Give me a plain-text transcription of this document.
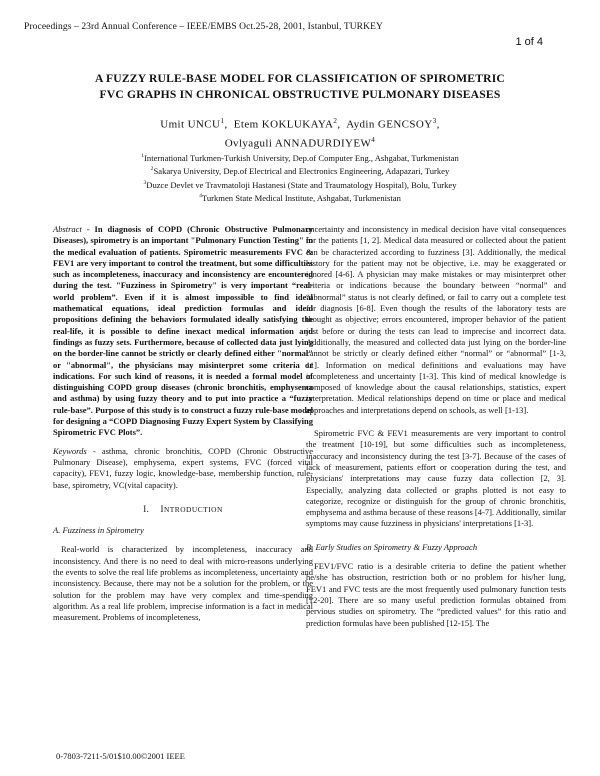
Proceedings – 23rd Annual Conference – IEEE/EMBS Oct.25-28, 2001, Istanbul, TURKEY
1 of 4
A FUZZY RULE-BASE MODEL FOR CLASSIFICATION OF SPIROMETRIC
FVC GRAPHS IN CHRONICAL OBSTRUCTIVE PULMONARY DISEASES
Umit UNCU$^1$,  Etem KOKLUKAYA$^2$,  Aydin GENCSOY$^3$,
Ovlyaguli ANNADURDIYEW$^4$
$^1$International Turkmen-Turkish University, Dep.of Computer Eng., Ashgabat, Turkmenistan
$^2$Sakarya University, Dep.of Electrical and Electronics Engineering, Adapazari, Turkey
$^3$Duzce Devlet ve Travmatoloji Hastanesi (State and Traumatology Hospital), Bolu, Turkey
$^4$Turkmen State Medical Institute, Ashgabat, Turkmenistan

Abstract - In diagnosis of COPD (Chronic Obstructive Pulmonary Diseases), spirometry is an important "Pulmonary Function Testing" in the medical evaluation of patients. Spirometric measurements FVC & FEV1 are very important to control the treatment, but some difficulties such as incompleteness, inaccuracy and inconsistency are encountered during the test. "Fuzziness in Spirometry" is very important “real-world problem”. Even if it is almost impossible to find ideal mathematical equations, ideal prediction formulas and ideal propositions defining the behaviors formulated ideally satisfying the real-life, it is possible to define inexact medical information and findings as fuzzy sets. Furthermore, because of collected data just lying on the border-line cannot be strictly or clearly defined either "normal" or "abnormal", the physicians may misinterpret some criteria or indications. For such kind of reasons, it is needed a formal model of distinguishing COPD group diseases (chronic bronchitis, emphysema and asthma) by using fuzzy theory and to put into practice a “fuzzy rule-base”. Purpose of this study is to construct a fuzzy rule-base model for designing a “COPD Diagnosing Fuzzy Expert System by Classifying Spirometric FVC Plots”.

Keywords - asthma, chronic bronchitis, COPD (Chronic Obstructive Pulmonary Disease), emphysema, expert systems, FVC (forced vital capacity), FEV1, fuzzy logic, knowledge-base, membership function, rule-base, spirometry, VC(vital capacity).

I. INTRODUCTION

A. Fuzziness in Spirometry

Real-world is characterized by incompleteness, inaccuracy and inconsistency. And there is no need to deal with micro-reasons underlying the events to solve the real life problems as incompleteness, uncertainty and inconsistency. Because, there may not be a solution for the problem, or the solution for the problem may have very complex and time-spending algorithm. As a real life problem, imprecise information is a fact in medical measurement. Problems of incompleteness,

uncertainty and inconsistency in medical decision have vital consequences for the patients [1, 2]. Medical data measured or collected about the patient can be characterized according to fuzziness [3]. Additionally, the medical history for the patient may not be objective, i.e. may be exaggerated or ignored [4-6]. A physician may make mistakes or may misinterpret other criteria or indications because the boundary between “normal” and “abnormal” status is not clearly defined, or fail to carry out a complete test for diagnosis [6-8]. Even though the results of the laboratory tests are thought as objective; errors encountered, improper behavior of the patient just before or during the tests can lead to imprecise and incorrect data. Additionally, the measured and collected data just lying on the border-line cannot be strictly or clearly defined either “normal” or “abnormal” [1-3, 11]. Information on medical definitions and evaluations may have incompleteness and uncertainty [1-3]. This kind of medical knowledge is composed of knowledge about the causal relationships, statistics, expert interpretation. Medical relationships depend on time or place and medical approaches and interpretations depend on schools, as well [1-13].

Spirometric FVC & FEV1 measurements are very important to control the treatment [10-19], but some difficulties such as incompleteness, inaccuracy and inconsistency during the test [3-7]. Because of the cases of lack of measurement, patients effort or cooperation during the test, and physicians' interpretations may cause fuzzy data collection [2, 3]. Especially, analyzing data collected or graphs plotted is not easy to categorize, recognize or distinguish for the group of chronic bronchitis, emphysema and asthma because of these reasons [4-7]. Additionally, similar symptoms may cause fuzziness in physicians' interpretations [1-3].

B. Early Studies on Spirometry & Fuzzy Approach

FEV1/FVC ratio is a desirable criteria to define the patient whether he/she has obstruction, restriction both or no problem for his/her lung, FEV1 and FVC tests are the most frequently used pulmonary function tests [12-20]. There are so many useful prediction formulas obtained from pervious studies on spirometry. The “predicted values” for this ratio and prediction formulas have been published [12-15]. The

0-7803-7211-5/01$10.00©2001 IEEE
